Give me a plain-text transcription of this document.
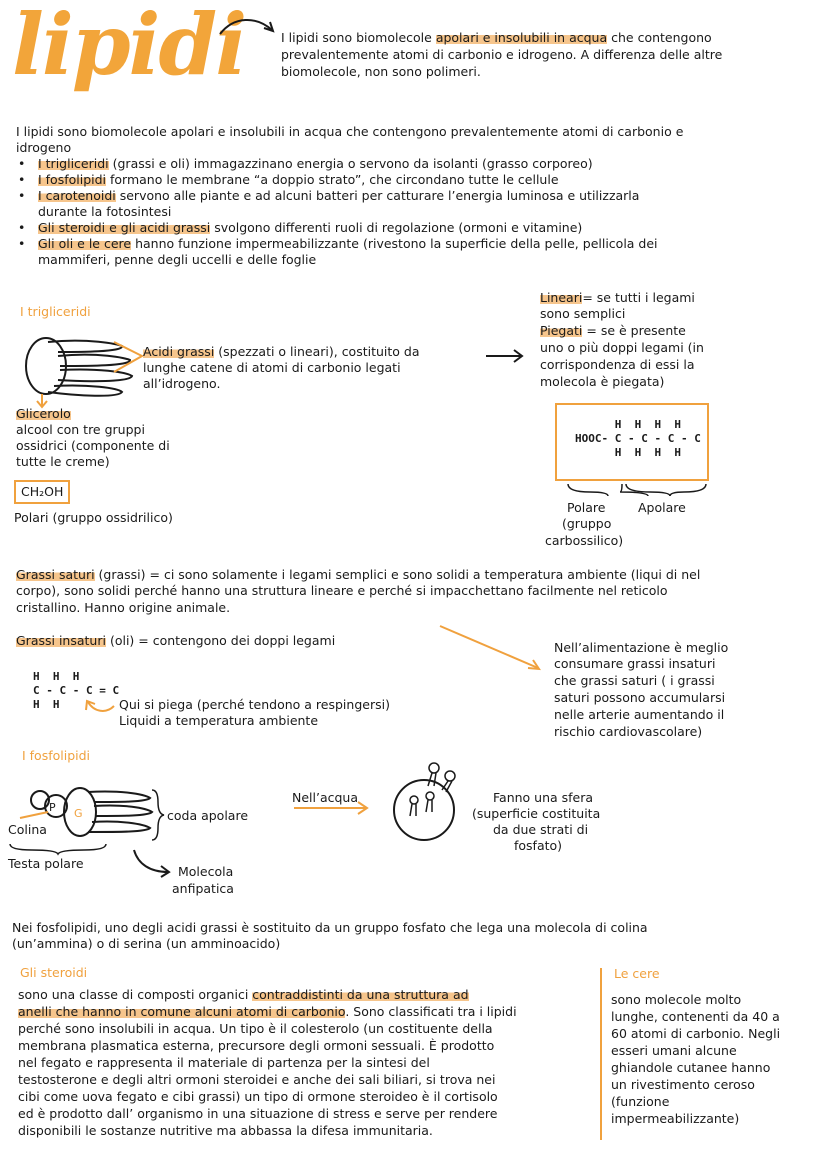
lipidi	I lipidi sono biomolecole apolari e insolubili in acqua che contengono
prevalentemente atomi di carbonio e idrogeno. A differenza delle altre
biomolecole, non sono polimeri.
I lipidi sono biomolecole apolari e insolubili in acqua che contengono prevalentemente atomi di carbonio e
idrogeno
• I trigliceridi (grassi e oli) immagazzinano energia o servono da isolanti (grasso corporeo)
• I fosfolipidi formano le membrane “a doppio strato”, che circondano tutte le cellule
• I carotenoidi servono alle piante e ad alcuni batteri per catturare l’energia luminosa e utilizzarla
durante la fotosintesi
• Gli steroidi e gli acidi grassi svolgono differenti ruoli di regolazione (ormoni e vitamine)
• Gli oli e le cere hanno funzione impermeabilizzante (rivestono la superficie della pelle, pellicola dei
mammiferi, penne degli uccelli e delle foglie
I trigliceridi
Acidi grassi (spezzati o lineari), costituito da
lunghe catene di atomi di carbonio legati
all’idrogeno.
Glicerolo
alcool con tre gruppi
ossidrici (componente di
tutte le creme)
CH₂OH
Polari (gruppo ossidrilico)
Lineari= se tutti i legami
sono semplici
Piegati = se è presente
uno o più doppi legami (in
corrispondenza di essi la
molecola è piegata)
H  H  H  H
HOOC- C - C - C - C
H  H  H  H
Polare
(gruppo
carbossilico)
Apolare
Grassi saturi (grassi) = ci sono solamente i legami semplici e sono solidi a temperatura ambiente (liqui di nel
corpo), sono solidi perché hanno una struttura lineare e perché si impacchettano facilmente nel reticolo
cristallino. Hanno origine animale.
Grassi insaturi (oli) = contengono dei doppi legami
H  H  H
C - C - C = C
H  H	Qui si piega (perché tendono a respingersi)
Liquidi a temperatura ambiente
Nell’alimentazione è meglio
consumare grassi insaturi
che grassi saturi ( i grassi
saturi possono accumularsi
nelle arterie aumentando il
rischio cardiovascolare)
I fosfolipidi
P G
Colina
Testa polare
coda apolare
Molecola
anfipatica
Nell’acqua	Fanno una sfera
(superficie costituita
da due strati di
fosfato)
Nei fosfolipidi, uno degli acidi grassi è sostituito da un gruppo fosfato che lega una molecola di colina
(un’ammina) o di serina (un amminoacido)
Gli steroidi
sono una classe di composti organici contraddistinti da una struttura ad
anelli che hanno in comune alcuni atomi di carbonio. Sono classificati tra i lipidi
perché sono insolubili in acqua. Un tipo è il colesterolo (un costituente della
membrana plasmatica esterna, precursore degli ormoni sessuali. È prodotto
nel fegato e rappresenta il materiale di partenza per la sintesi del
testosterone e degli altri ormoni steroidei e anche dei sali biliari, si trova nei
cibi come uova fegato e cibi grassi) un tipo di ormone steroideo è il cortisolo
ed è prodotto dall’ organismo in una situazione di stress e serve per rendere
disponibili le sostanze nutritive ma abbassa la difesa immunitaria.
Le cere
sono molecole molto
lunghe, contenenti da 40 a
60 atomi di carbonio. Negli
esseri umani alcune
ghiandole cutanee hanno
un rivestimento ceroso
(funzione
impermeabilizzante)
